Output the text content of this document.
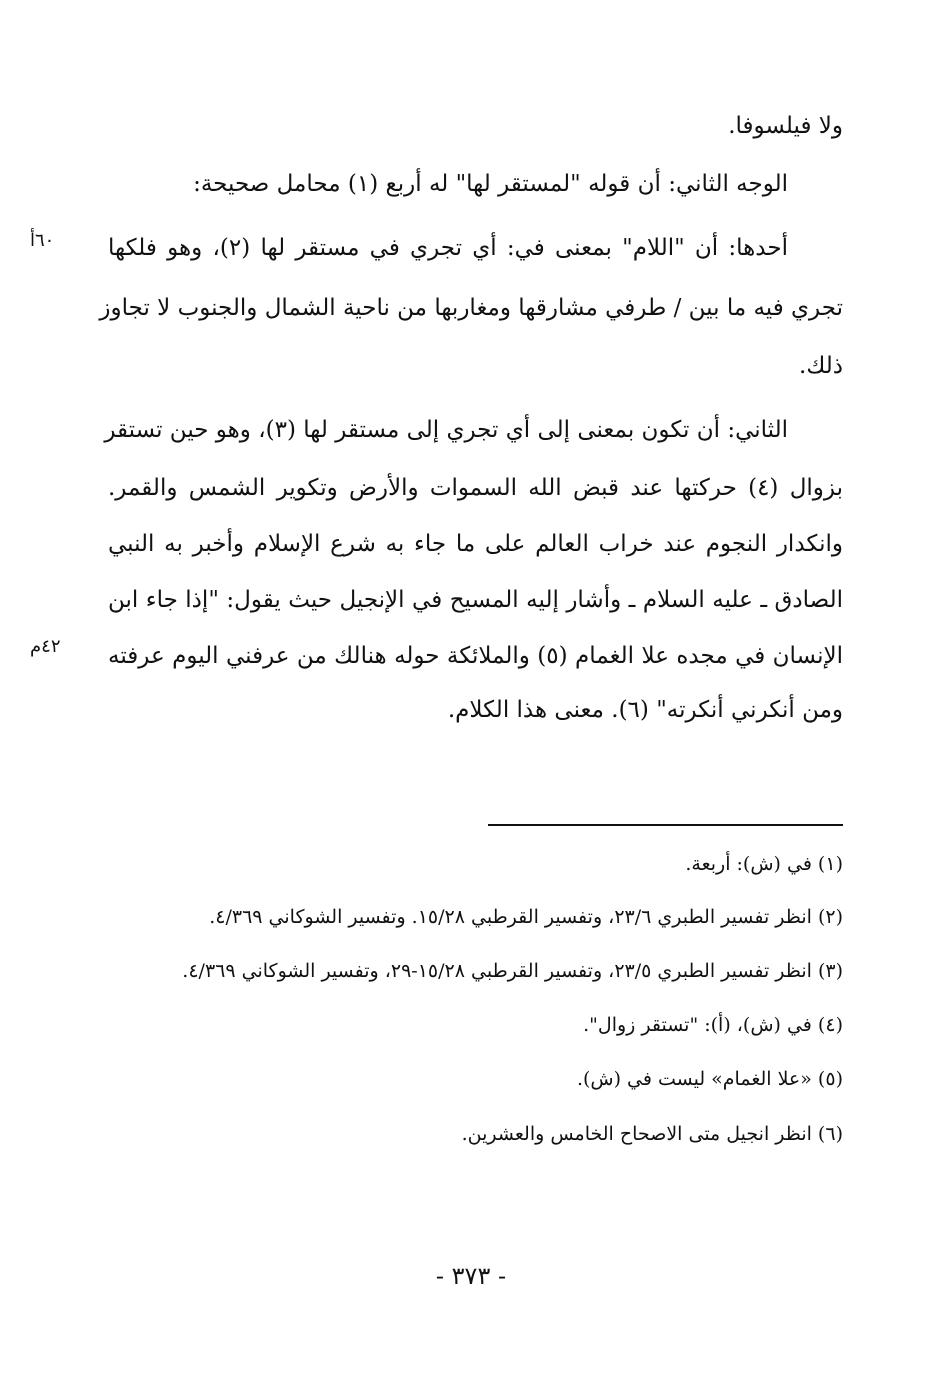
ولا فيلسوفا.
الوجه الثاني: أن قوله "لمستقر لها" له أربع (١) محامل صحيحة:
أحدها: أن "اللام" بمعنى في: أي تجري في مستقر لها (٢)، وهو فلكها
تجري فيه ما بين / طرفي مشارقها ومغاربها من ناحية الشمال والجنوب لا تجاوز
ذلك.
الثاني: أن تكون بمعنى إلى أي تجري إلى مستقر لها (٣)، وهو حين تستقر
بزوال (٤) حركتها عند قبض الله السموات والأرض وتكوير الشمس والقمر.
وانكدار النجوم عند خراب العالم على ما جاء به شرع الإسلام وأخبر به النبي
الصادق ـ عليه السلام ـ وأشار إليه المسيح في الإنجيل حيث يقول: "إذا جاء ابن
الإنسان في مجده علا الغمام (٥) والملائكة حوله هنالك من عرفني اليوم عرفته
ومن أنكرني أنكرته" (٦). معنى هذا الكلام.
٦٠أ
٤٢م
(١) في (ش): أربعة.
(٢) انظر تفسير الطبري ٢٣/٦، وتفسير القرطبي ١٥/٢٨. وتفسير الشوكاني ٤/٣٦٩.
(٣) انظر تفسير الطبري ٢٣/٥، وتفسير القرطبي ١٥/٢٨-٢٩، وتفسير الشوكاني ٤/٣٦٩.
(٤) في (ش)، (أ): "تستقر زوال".
(٥) «علا الغمام» ليست في (ش).
(٦) انظر انجيل متى الاصحاح الخامس والعشرين.
- ٣٧٣ -
